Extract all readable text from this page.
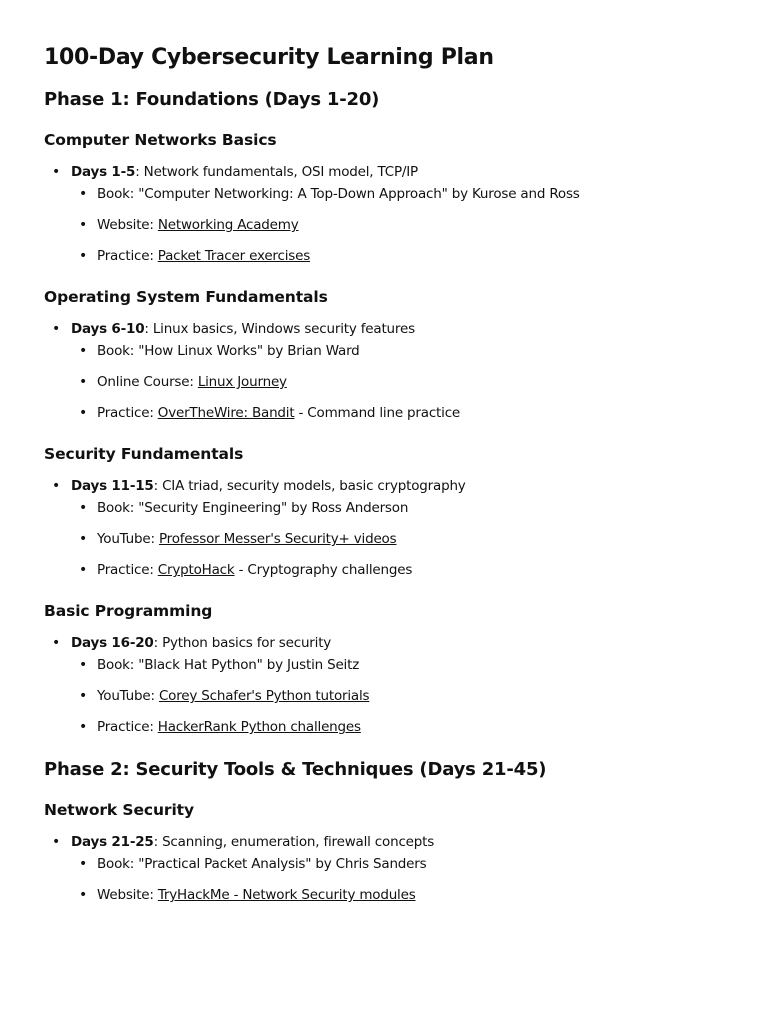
100-Day Cybersecurity Learning Plan
Phase 1: Foundations (Days 1-20)
Computer Networks Basics
• Days 1-5: Network fundamentals, OSI model, TCP/IP
• Book: "Computer Networking: A Top-Down Approach" by Kurose and Ross
• Website: Networking Academy
• Practice: Packet Tracer exercises
Operating System Fundamentals
• Days 6-10: Linux basics, Windows security features
• Book: "How Linux Works" by Brian Ward
• Online Course: Linux Journey
• Practice: OverTheWire: Bandit - Command line practice
Security Fundamentals
• Days 11-15: CIA triad, security models, basic cryptography
• Book: "Security Engineering" by Ross Anderson
• YouTube: Professor Messer's Security+ videos
• Practice: CryptoHack - Cryptography challenges
Basic Programming
• Days 16-20: Python basics for security
• Book: "Black Hat Python" by Justin Seitz
• YouTube: Corey Schafer's Python tutorials
• Practice: HackerRank Python challenges
Phase 2: Security Tools & Techniques (Days 21-45)
Network Security
• Days 21-25: Scanning, enumeration, firewall concepts
• Book: "Practical Packet Analysis" by Chris Sanders
• Website: TryHackMe - Network Security modules
